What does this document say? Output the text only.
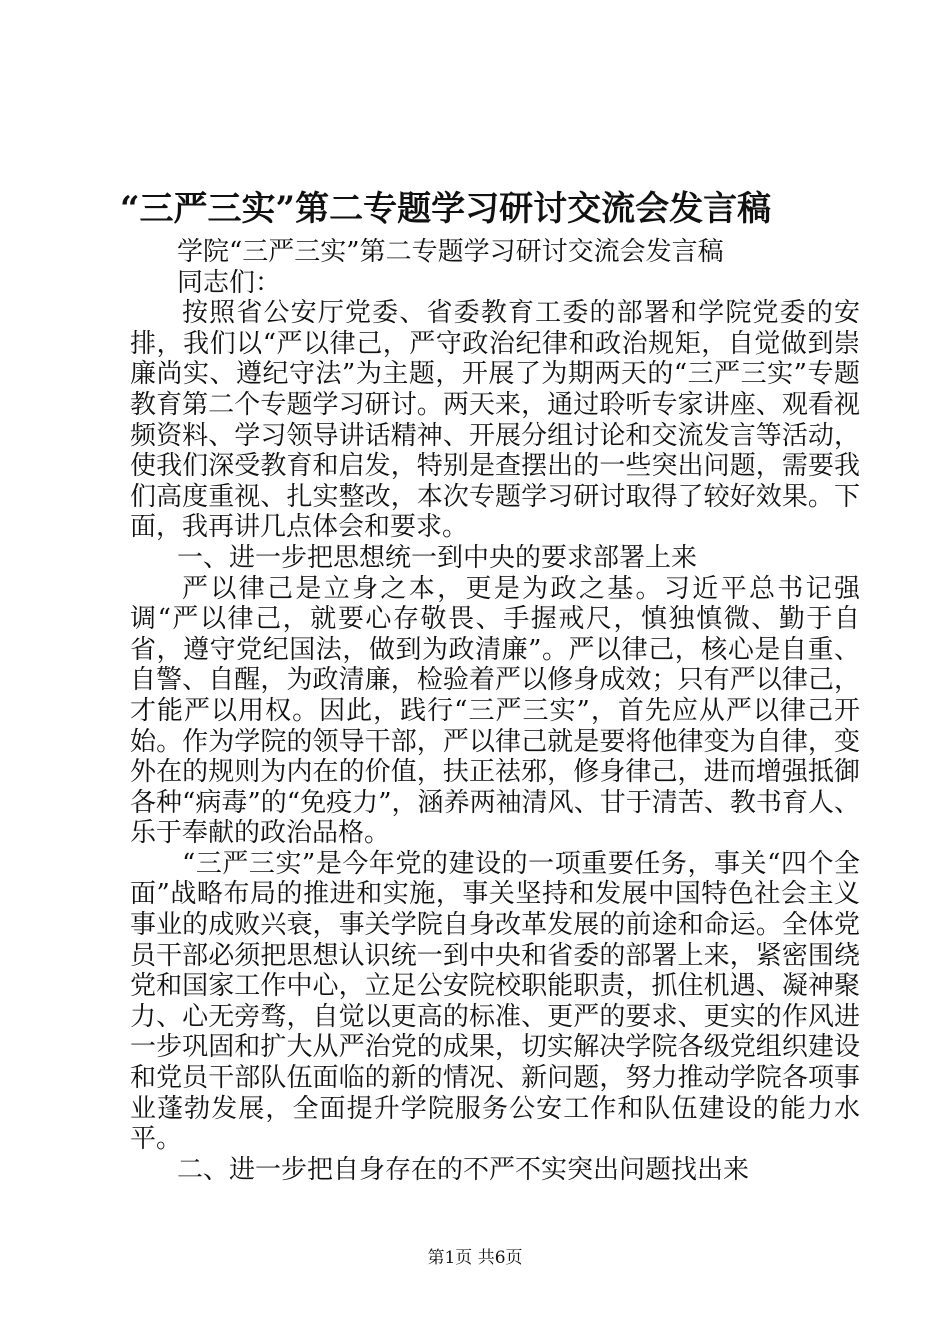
“三严三实”第二专题学习研讨交流会发言稿

学院“三严三实”第二专题学习研讨交流会发言稿

同志们：

按照省公安厅党委、省委教育工委的部署和学院党委的安排，我们以“严以律己，严守政治纪律和政治规矩，自觉做到崇廉尚实、遵纪守法”为主题，开展了为期两天的“三严三实”专题教育第二个专题学习研讨。两天来，通过聆听专家讲座、观看视频资料、学习领导讲话精神、开展分组讨论和交流发言等活动，使我们深受教育和启发，特别是查摆出的一些突出问题，需要我们高度重视、扎实整改，本次专题学习研讨取得了较好效果。下面，我再讲几点体会和要求。

一、进一步把思想统一到中央的要求部署上来

严以律己是立身之本，更是为政之基。习近平总书记强调“严以律己，就要心存敬畏、手握戒尺，慎独慎微、勤于自省，遵守党纪国法，做到为政清廉”。严以律己，核心是自重、自警、自醒，为政清廉，检验着严以修身成效；只有严以律己，才能严以用权。因此，践行“三严三实”，首先应从严以律己开始。作为学院的领导干部，严以律己就是要将他律变为自律，变外在的规则为内在的价值，扶正祛邪，修身律己，进而增强抵御各种“病毒”的“免疫力”，涵养两袖清风、甘于清苦、教书育人、乐于奉献的政治品格。

“三严三实”是今年党的建设的一项重要任务，事关“四个全面”战略布局的推进和实施，事关坚持和发展中国特色社会主义事业的成败兴衰，事关学院自身改革发展的前途和命运。全体党员干部必须把思想认识统一到中央和省委的部署上来，紧密围绕党和国家工作中心，立足公安院校职能职责，抓住机遇、凝神聚力、心无旁骛，自觉以更高的标准、更严的要求、更实的作风进一步巩固和扩大从严治党的成果，切实解决学院各级党组织建设和党员干部队伍面临的新的情况、新问题，努力推动学院各项事业蓬勃发展，全面提升学院服务公安工作和队伍建设的能力水平。

二、进一步把自身存在的不严不实突出问题找出来

第1页 共6页
